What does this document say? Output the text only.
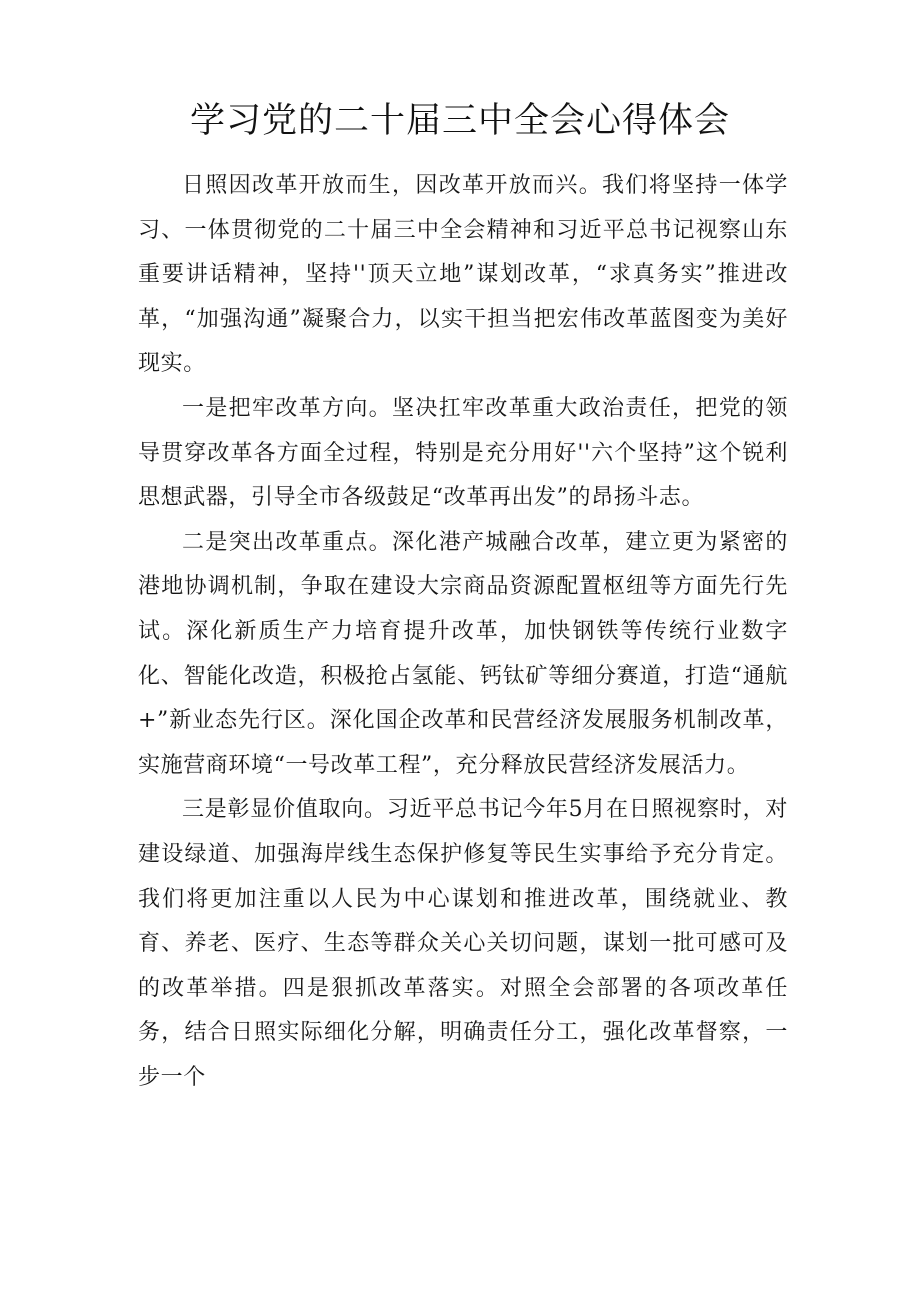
学习党的二十届三中全会心得体会

日照因改革开放而生，因改革开放而兴。我们将坚持一体学习、一体贯彻党的二十届三中全会精神和习近平总书记视察山东重要讲话精神，坚持''顶天立地”谋划改革，“求真务实”推进改革，“加强沟通”凝聚合力，以实干担当把宏伟改革蓝图变为美好现实。

一是把牢改革方向。坚决扛牢改革重大政治责任，把党的领导贯穿改革各方面全过程，特别是充分用好''六个坚持”这个锐利思想武器，引导全市各级鼓足“改革再出发”的昂扬斗志。

二是突出改革重点。深化港产城融合改革，建立更为紧密的港地协调机制，争取在建设大宗商品资源配置枢纽等方面先行先试。深化新质生产力培育提升改革，加快钢铁等传统行业数字化、智能化改造，积极抢占氢能、钙钛矿等细分赛道，打造“通航+”新业态先行区。深化国企改革和民营经济发展服务机制改革，实施营商环境“一号改革工程”，充分释放民营经济发展活力。

三是彰显价值取向。习近平总书记今年5月在日照视察时，对建设绿道、加强海岸线生态保护修复等民生实事给予充分肯定。我们将更加注重以人民为中心谋划和推进改革，围绕就业、教育、养老、医疗、生态等群众关心关切问题，谋划一批可感可及的改革举措。四是狠抓改革落实。对照全会部署的各项改革任务，结合日照实际细化分解，明确责任分工，强化改革督察，一步一个
